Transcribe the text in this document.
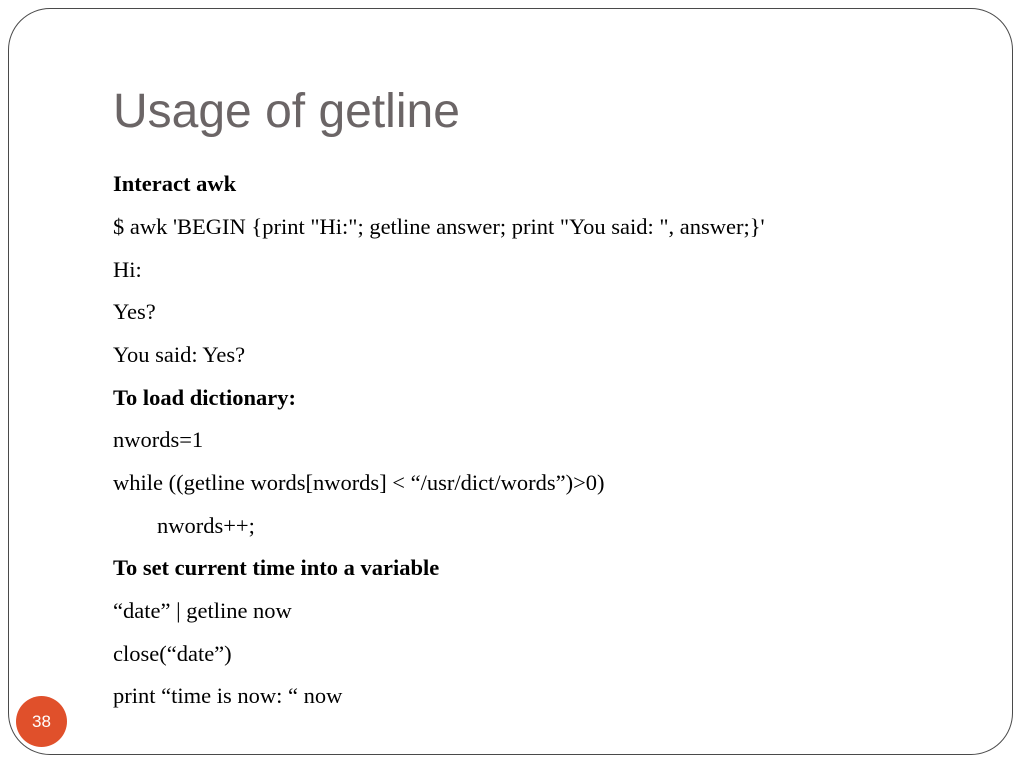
Usage of getline
Interact awk
$ awk 'BEGIN {print "Hi:"; getline answer; print "You said: ", answer;}'
Hi:
Yes?
You said: Yes?
To load dictionary:
nwords=1
while ((getline words[nwords] < “/usr/dict/words”)>0)
nwords++;
To set current time into a variable
“date” | getline now
close(“date”)
print “time is now: “ now
38
